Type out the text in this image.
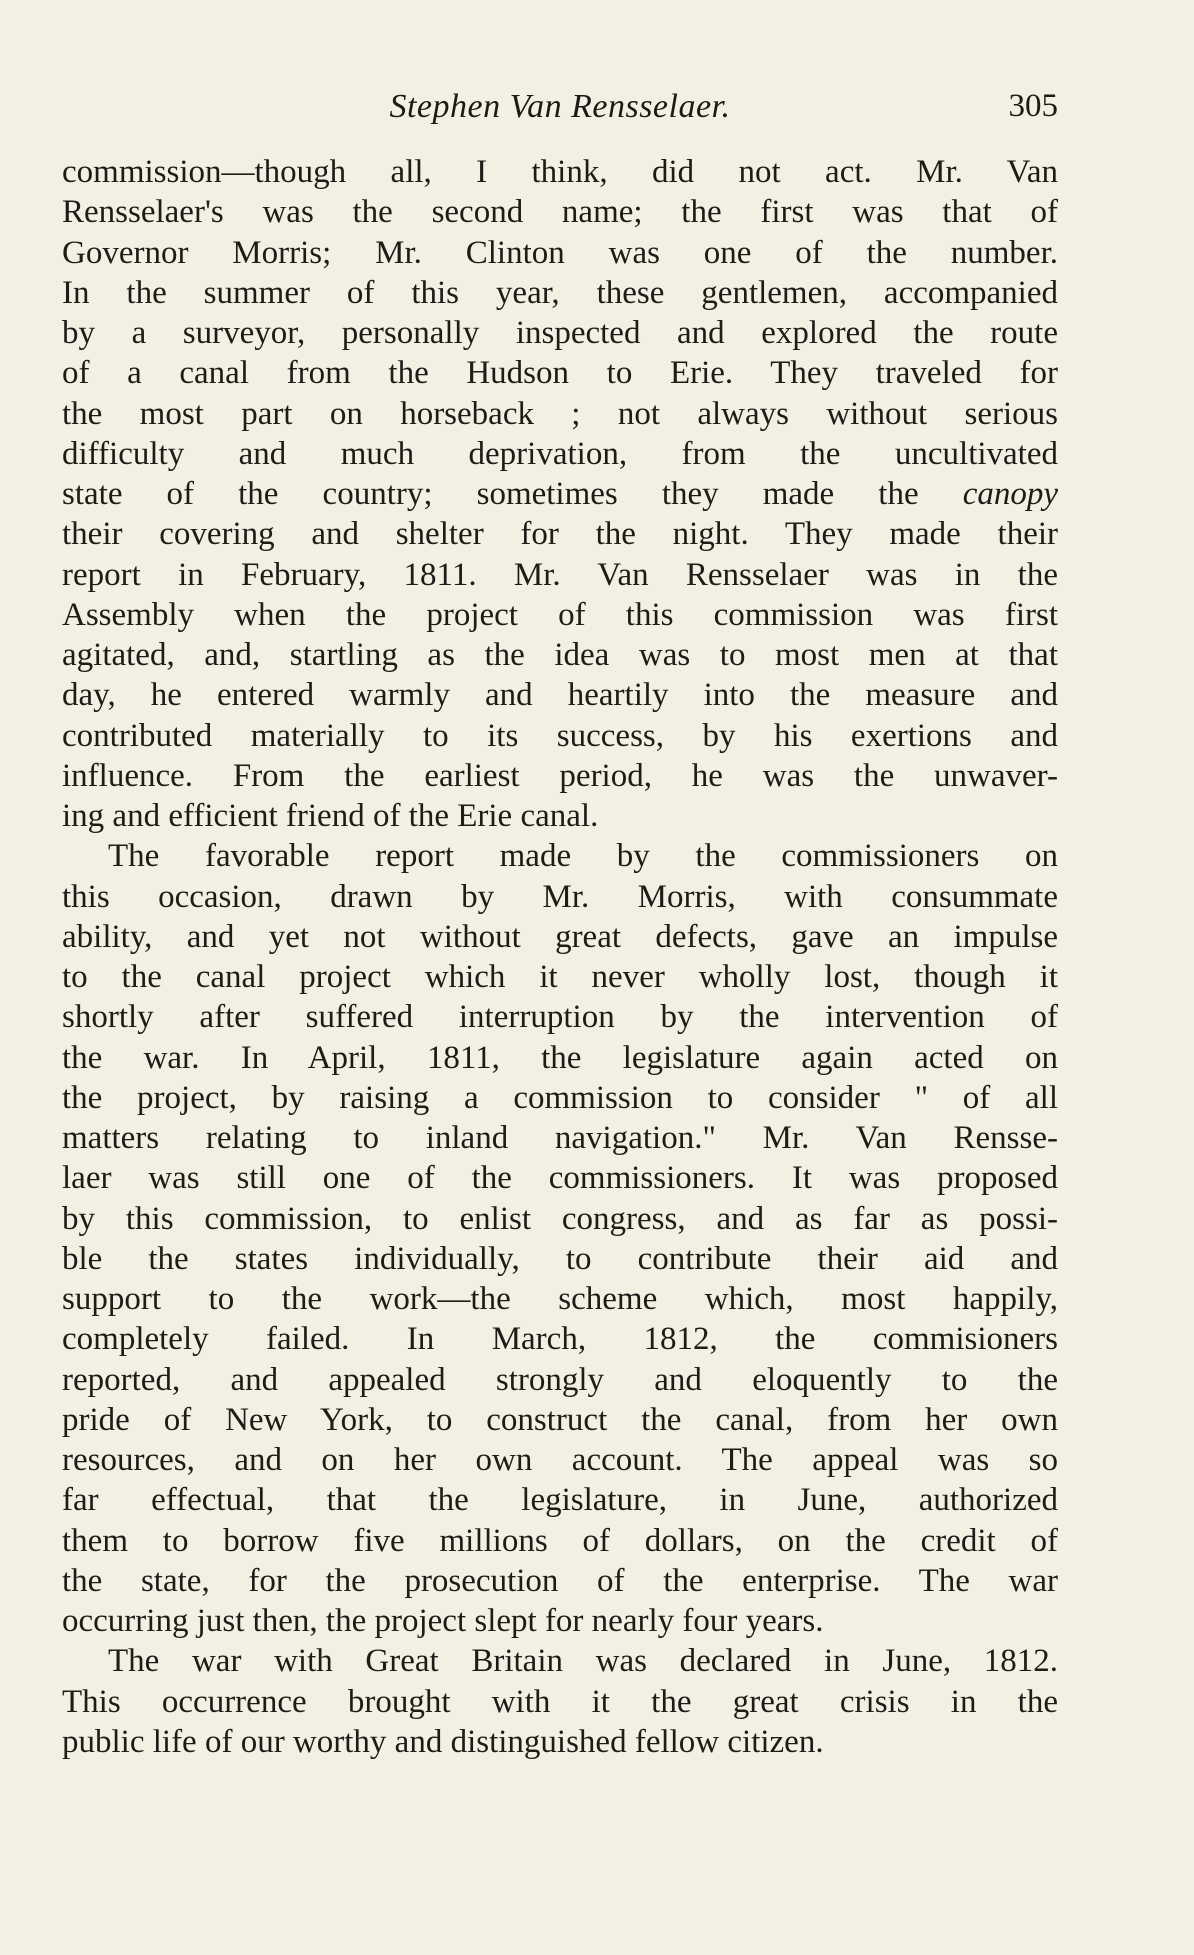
Stephen Van Rensselaer.	305
commission—though all, I think, did not act. Mr. Van
Rensselaer's was the second name; the first was that of
Governor Morris; Mr. Clinton was one of the number.
In the summer of this year, these gentlemen, accompanied
by a surveyor, personally inspected and explored the route
of a canal from the Hudson to Erie. They traveled for
the most part on horseback ; not always without serious
difficulty and much deprivation, from the uncultivated
state of the country; sometimes they made the canopy
their covering and shelter for the night. They made their
report in February, 1811. Mr. Van Rensselaer was in the
Assembly when the project of this commission was first
agitated, and, startling as the idea was to most men at that
day, he entered warmly and heartily into the measure and
contributed materially to its success, by his exertions and
influence. From the earliest period, he was the unwaver-
ing and efficient friend of the Erie canal.
The favorable report made by the commissioners on
this occasion, drawn by Mr. Morris, with consummate
ability, and yet not without great defects, gave an impulse
to the canal project which it never wholly lost, though it
shortly after suffered interruption by the intervention of
the war. In April, 1811, the legislature again acted on
the project, by raising a commission to consider " of all
matters relating to inland navigation." Mr. Van Rensse-
laer was still one of the commissioners. It was proposed
by this commission, to enlist congress, and as far as possi-
ble the states individually, to contribute their aid and
support to the work—the scheme which, most happily,
completely failed. In March, 1812, the commisioners
reported, and appealed strongly and eloquently to the
pride of New York, to construct the canal, from her own
resources, and on her own account. The appeal was so
far effectual, that the legislature, in June, authorized
them to borrow five millions of dollars, on the credit of
the state, for the prosecution of the enterprise. The war
occurring just then, the project slept for nearly four years.
The war with Great Britain was declared in June, 1812.
This occurrence brought with it the great crisis in the
public life of our worthy and distinguished fellow citizen.
